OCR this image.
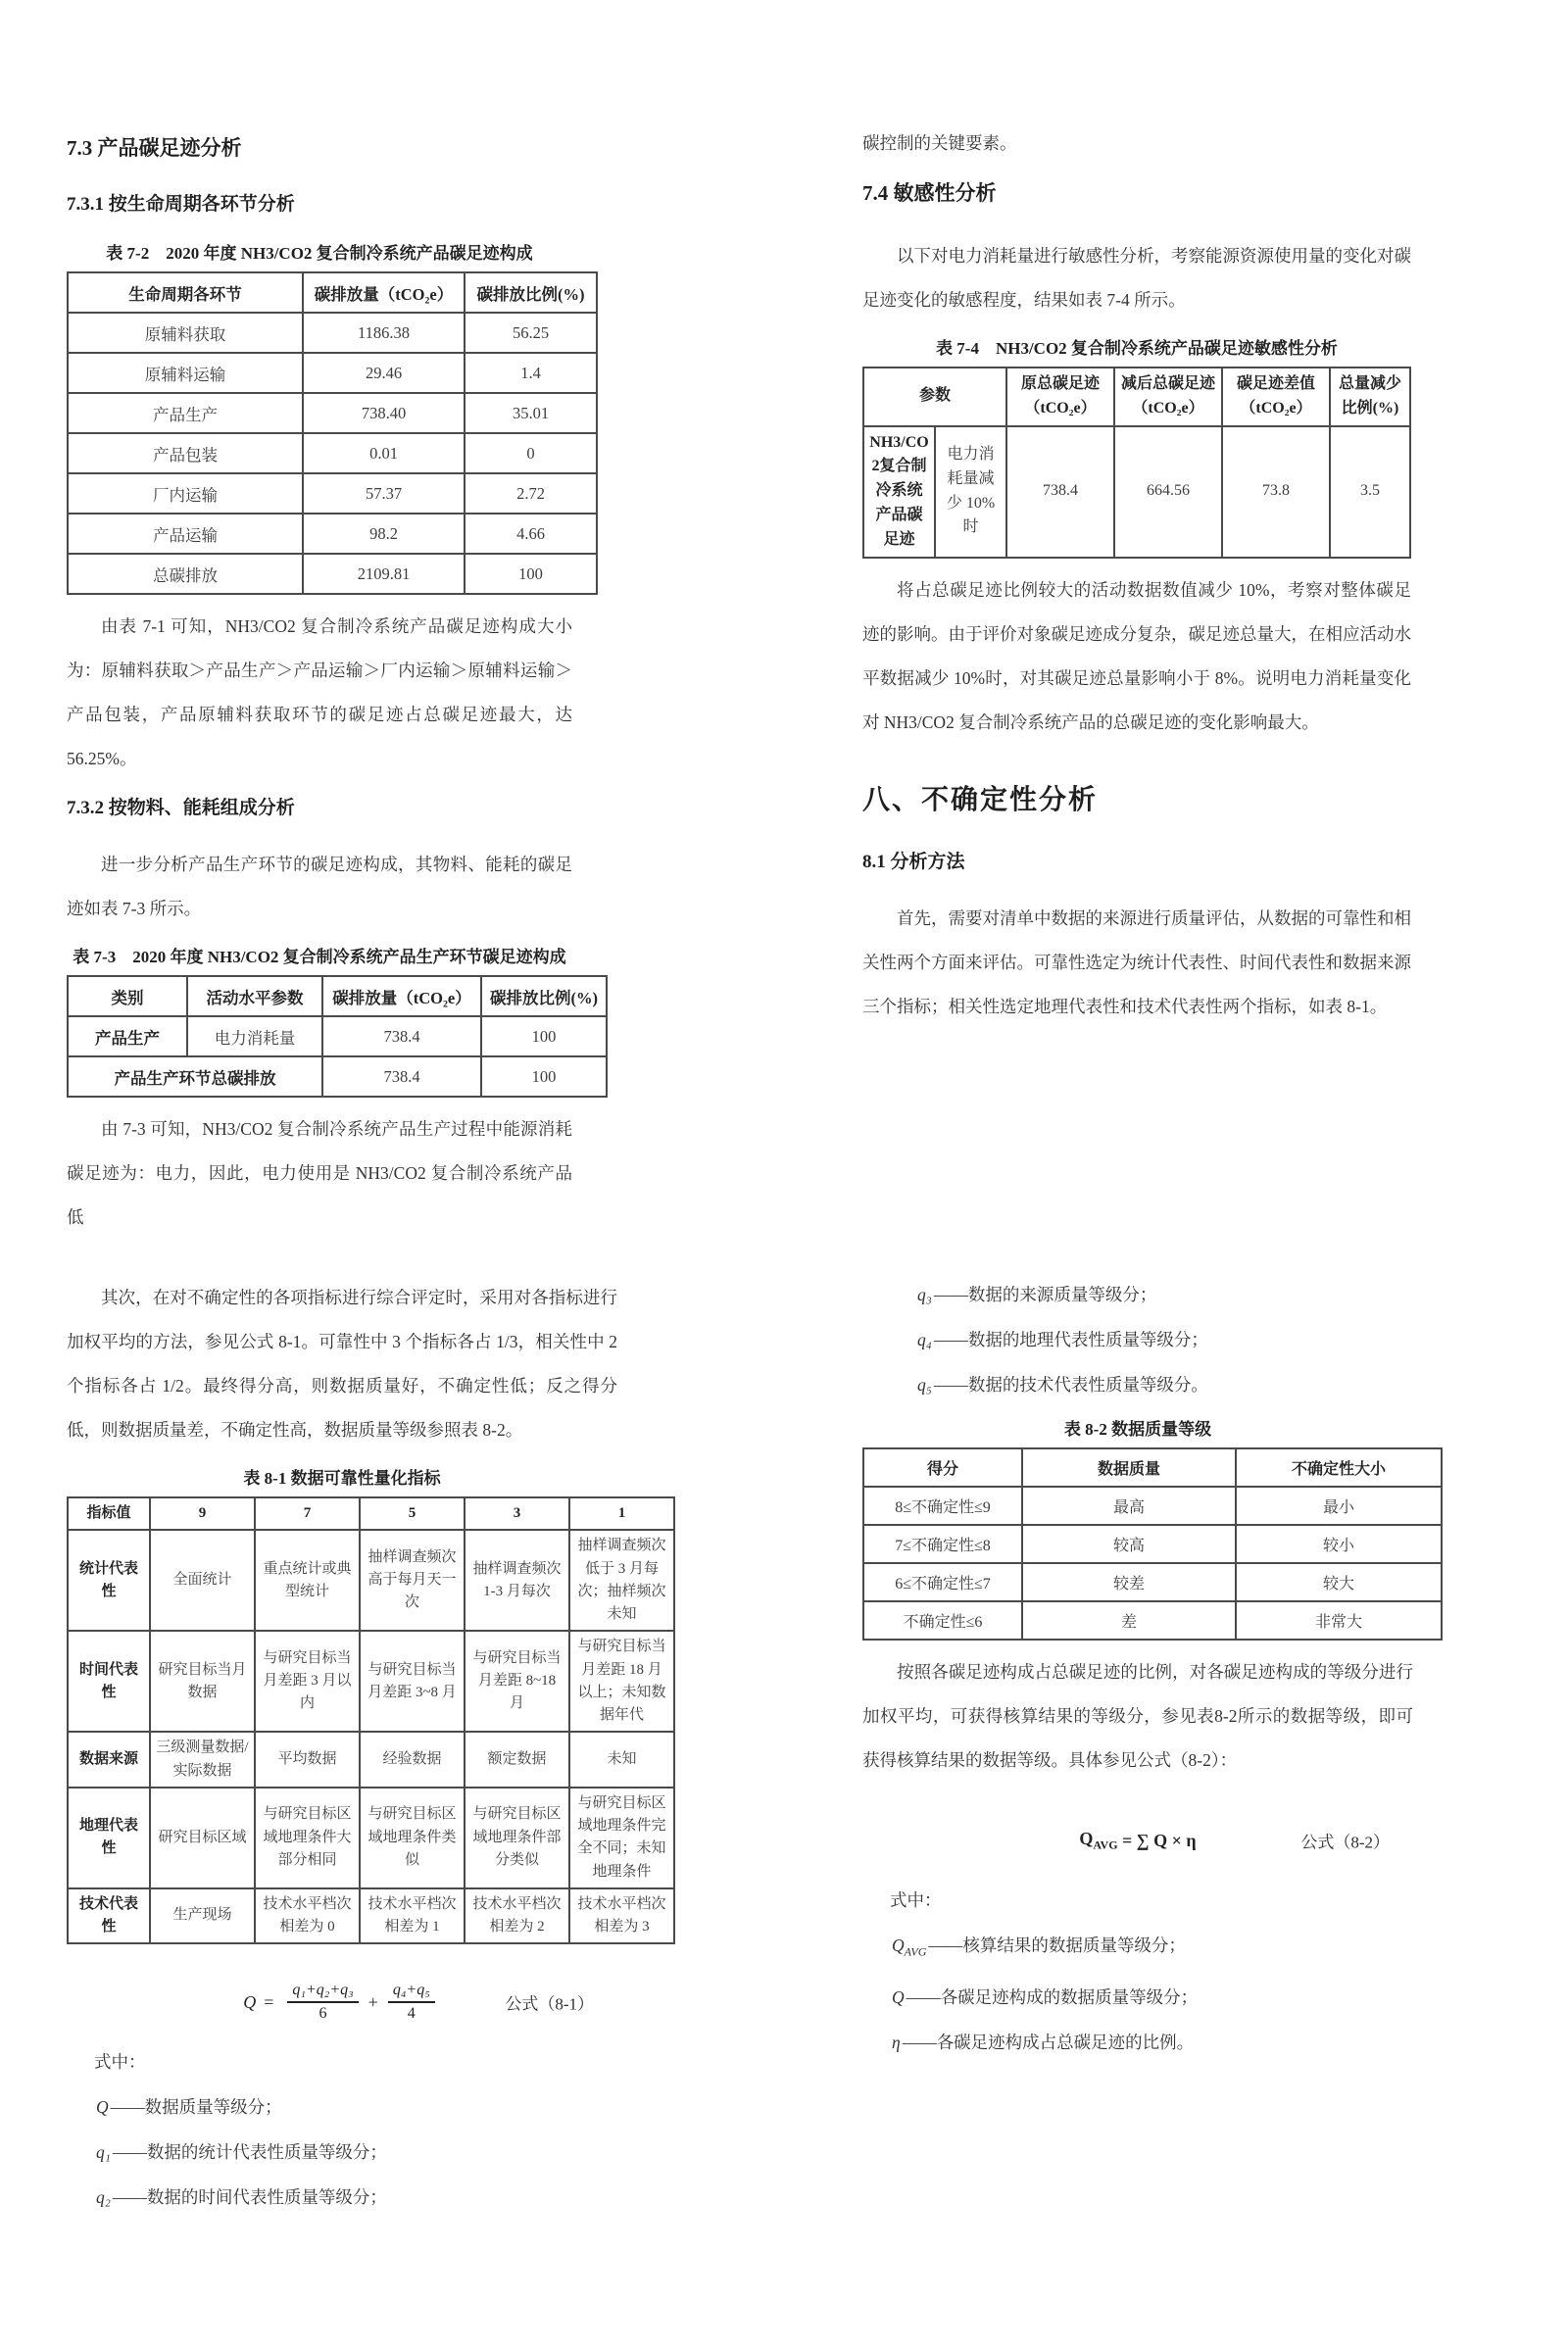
7.3 产品碳足迹分析
7.3.1 按生命周期各环节分析
表 7-2　2020 年度 NH3/CO2 复合制冷系统产品碳足迹构成
生命周期各环节	碳排放量（tCO₂e）	碳排放比例(%)
原辅料获取	1186.38	56.25
原辅料运输	29.46	1.4
产品生产	738.40	35.01
产品包装	0.01	0
厂内运输	57.37	2.72
产品运输	98.2	4.66
总碳排放	2109.81	100

由表 7-1 可知，NH3/CO2 复合制冷系统产品碳足迹构成大小为：原辅料获取＞产品生产＞产品运输＞厂内运输＞原辅料运输＞产品包装，产品原辅料获取环节的碳足迹占总碳足迹最大，达 56.25%。

7.3.2 按物料、能耗组成分析

进一步分析产品生产环节的碳足迹构成，其物料、能耗的碳足迹如表 7-3 所示。

表 7-3　2020 年度 NH3/CO2 复合制冷系统产品生产环节碳足迹构成
类别	活动水平参数	碳排放量（tCO₂e）	碳排放比例(%)
产品生产	电力消耗量	738.4	100
产品生产环节总碳排放		738.4	100

由 7-3 可知，NH3/CO2 复合制冷系统产品生产过程中能源消耗碳足迹为：电力，因此，电力使用是 NH3/CO2 复合制冷系统产品低

碳控制的关键要素。

7.4 敏感性分析

以下对电力消耗量进行敏感性分析，考察能源资源使用量的变化对碳足迹变化的敏感程度，结果如表 7-4 所示。

表 7-4　NH3/CO2 复合制冷系统产品碳足迹敏感性分析
参数		原总碳足迹（tCO₂e）	减后总碳足迹（tCO₂e）	碳足迹差值（tCO₂e）	总量减少比例(%)
NH3/CO2复合制冷系统产品碳足迹	电力消耗量减少 10%时	738.4	664.56	73.8	3.5

将占总碳足迹比例较大的活动数据数值减少 10%，考察对整体碳足迹的影响。由于评价对象碳足迹成分复杂，碳足迹总量大，在相应活动水平数据减少 10%时，对其碳足迹总量影响小于 8%。说明电力消耗量变化对 NH3/CO2 复合制冷系统产品的总碳足迹的变化影响最大。

八、不确定性分析
8.1 分析方法

首先，需要对清单中数据的来源进行质量评估，从数据的可靠性和相关性两个方面来评估。可靠性选定为统计代表性、时间代表性和数据来源三个指标；相关性选定地理代表性和技术代表性两个指标，如表 8-1。

其次，在对不确定性的各项指标进行综合评定时，采用对各指标进行加权平均的方法，参见公式 8-1。可靠性中 3 个指标各占 1/3，相关性中 2 个指标各占 1/2。最终得分高，则数据质量好，不确定性低；反之得分低，则数据质量差，不确定性高，数据质量等级参照表 8-2。

表 8-1 数据可靠性量化指标
指标值	9	7	5	3	1
统计代表性	全面统计	重点统计或典型统计	抽样调查频次高于每月天一次	抽样调查频次 1-3 月每次	抽样调查频次低于 3 月每次；抽样频次未知
时间代表性	研究目标当月数据	与研究目标当月差距 3 月以内	与研究目标当月差距 3~8 月	与研究目标当月差距 8~18 月	与研究目标当月差距 18 月以上；未知数据年代
数据来源	三级测量数据/实际数据	平均数据	经验数据	额定数据	未知
地理代表性	研究目标区域	与研究目标区域地理条件大部分相同	与研究目标区域地理条件类似	与研究目标区域地理条件部分类似	与研究目标区域地理条件完全不同；未知地理条件
技术代表性	生产现场	技术水平档次相差为 0	技术水平档次相差为 1	技术水平档次相差为 2	技术水平档次相差为 3
$Q = \frac{\text{q₁+q₂+q₃}}{6} + \frac{\text{q₄+q₅}}{4}$	公式（8-1）
式中：
Q ——数据质量等级分；
q₁ ——数据的统计代表性质量等级分；
q₂ ——数据的时间代表性质量等级分；
q₃ ——数据的来源质量等级分；
q₄ ——数据的地理代表性质量等级分；
q₅ ——数据的技术代表性质量等级分。
表 8-2 数据质量等级
得分	数据质量	不确定性大小
8≤不确定性≤9	最高	最小
7≤不确定性≤8	较高	较小
6≤不确定性≤7	较差	较大
不确定性≤6	差	非常大

按照各碳足迹构成占总碳足迹的比例，对各碳足迹构成的等级分进行加权平均，可获得核算结果的等级分，参见表8-2所示的数据等级，即可获得核算结果的数据等级。具体参见公式（8-2）：

$Q_{AVG}$
= ∑ Q × η	公式（8-2）
式中：
$Q_{AVG}$ ——核算结果的数据质量等级分；
Q ——各碳足迹构成的数据质量等级分；
η ——各碳足迹构成占总碳足迹的比例。
